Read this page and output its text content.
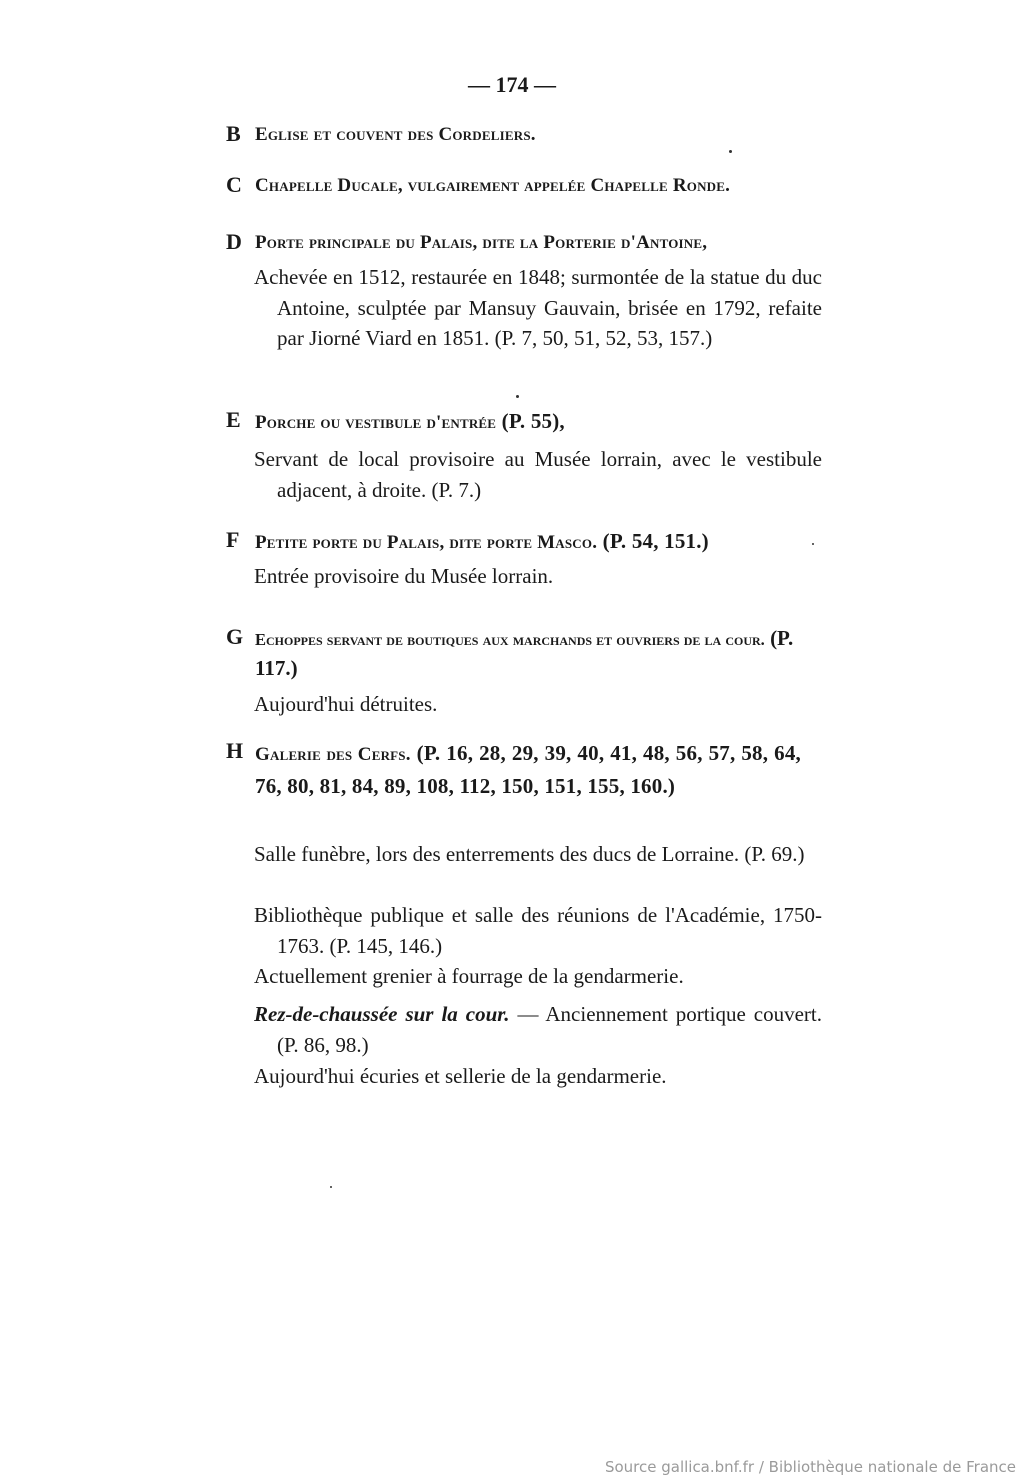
— 174 —
B Eglise et couvent des Cordeliers.
C Chapelle Ducale, vulgairement appelée Chapelle Ronde.
D Porte principale du Palais, dite la Porterie d'Antoine,
Achevée en 1512, restaurée en 1848; surmontée de la statue du duc Antoine, sculptée par Mansuy Gauvain, brisée en 1792, refaite par Jiorné Viard en 1851. (P. 7, 50, 51, 52, 53, 157.)
E Porche ou vestibule d'entrée (P. 55),
Servant de local provisoire au Musée lorrain, avec le vestibule adjacent, à droite. (P. 7.)
F Petite porte du Palais, dite porte Masco. (P. 54, 151.)
Entrée provisoire du Musée lorrain.
G Echoppes servant de boutiques aux marchands et ouvriers de la cour. (P. 117.)
Aujourd'hui détruites.
H Galerie des Cerfs. (P. 16, 28, 29, 39, 40, 41, 48, 56, 57, 58, 64, 76, 80, 81, 84, 89, 108, 112, 150, 151, 155, 160.)
Salle funèbre, lors des enterrements des ducs de Lorraine. (P. 69.)
Bibliothèque publique et salle des réunions de l'Académie, 1750-1763. (P. 145, 146.)
Actuellement grenier à fourrage de la gendarmerie.
Rez-de-chaussée sur la cour. — Anciennement portique couvert. (P. 86, 98.)
Aujourd'hui écuries et sellerie de la gendarmerie.
Source gallica.bnf.fr / Bibliothèque nationale de France
